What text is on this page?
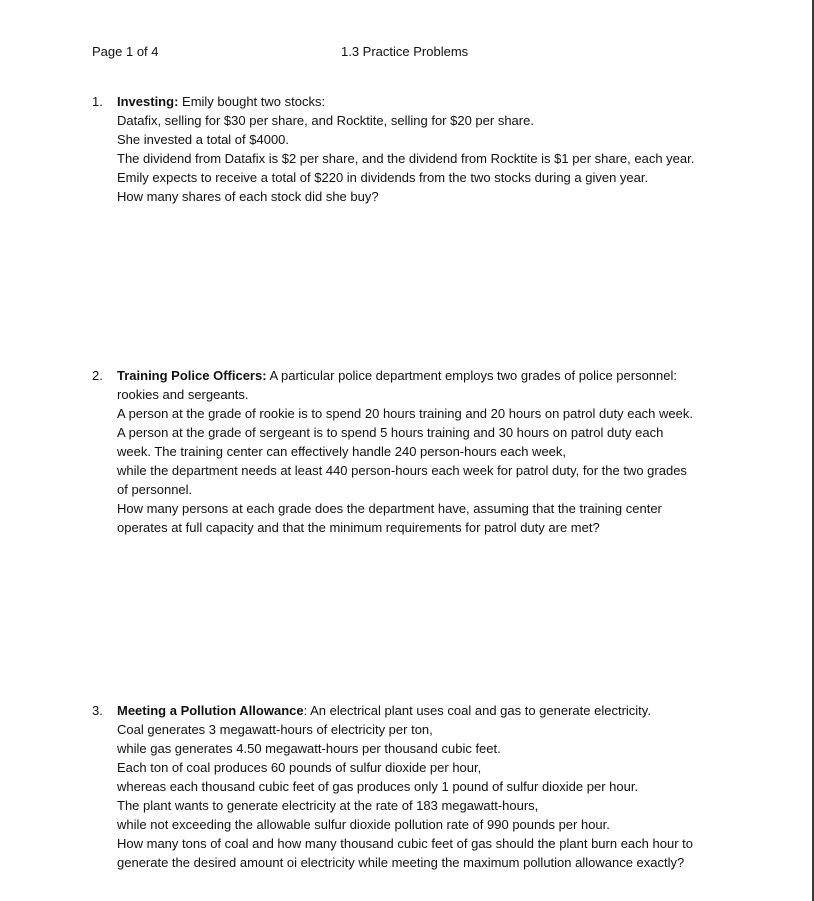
Page 1 of 4	1.3 Practice Problems
1.	Investing: Emily bought two stocks:
Datafix, selling for $30 per share, and Rocktite, selling for $20 per share.
She invested a total of $4000.
The dividend from Datafix is $2 per share, and the dividend from Rocktite is $1 per share, each year.
Emily expects to receive a total of $220 in dividends from the two stocks during a given year.
How many shares of each stock did she buy?
2.	Training Police Officers: A particular police department employs two grades of police personnel:
rookies and sergeants.
A person at the grade of rookie is to spend 20 hours training and 20 hours on patrol duty each week.
A person at the grade of sergeant is to spend 5 hours training and 30 hours on patrol duty each
week. The training center can effectively handle 240 person-hours each week,
while the department needs at least 440 person-hours each week for patrol duty, for the two grades
of personnel.
How many persons at each grade does the department have, assuming that the training center
operates at full capacity and that the minimum requirements for patrol duty are met?
3.	Meeting a Pollution Allowance: An electrical plant uses coal and gas to generate electricity.
Coal generates 3 megawatt-hours of electricity per ton,
while gas generates 4.50 megawatt-hours per thousand cubic feet.
Each ton of coal produces 60 pounds of sulfur dioxide per hour,
whereas each thousand cubic feet of gas produces only 1 pound of sulfur dioxide per hour.
The plant wants to generate electricity at the rate of 183 megawatt-hours,
while not exceeding the allowable sulfur dioxide pollution rate of 990 pounds per hour.
How many tons of coal and how many thousand cubic feet of gas should the plant burn each hour to
generate the desired amount oi electricity while meeting the maximum pollution allowance exactly?
